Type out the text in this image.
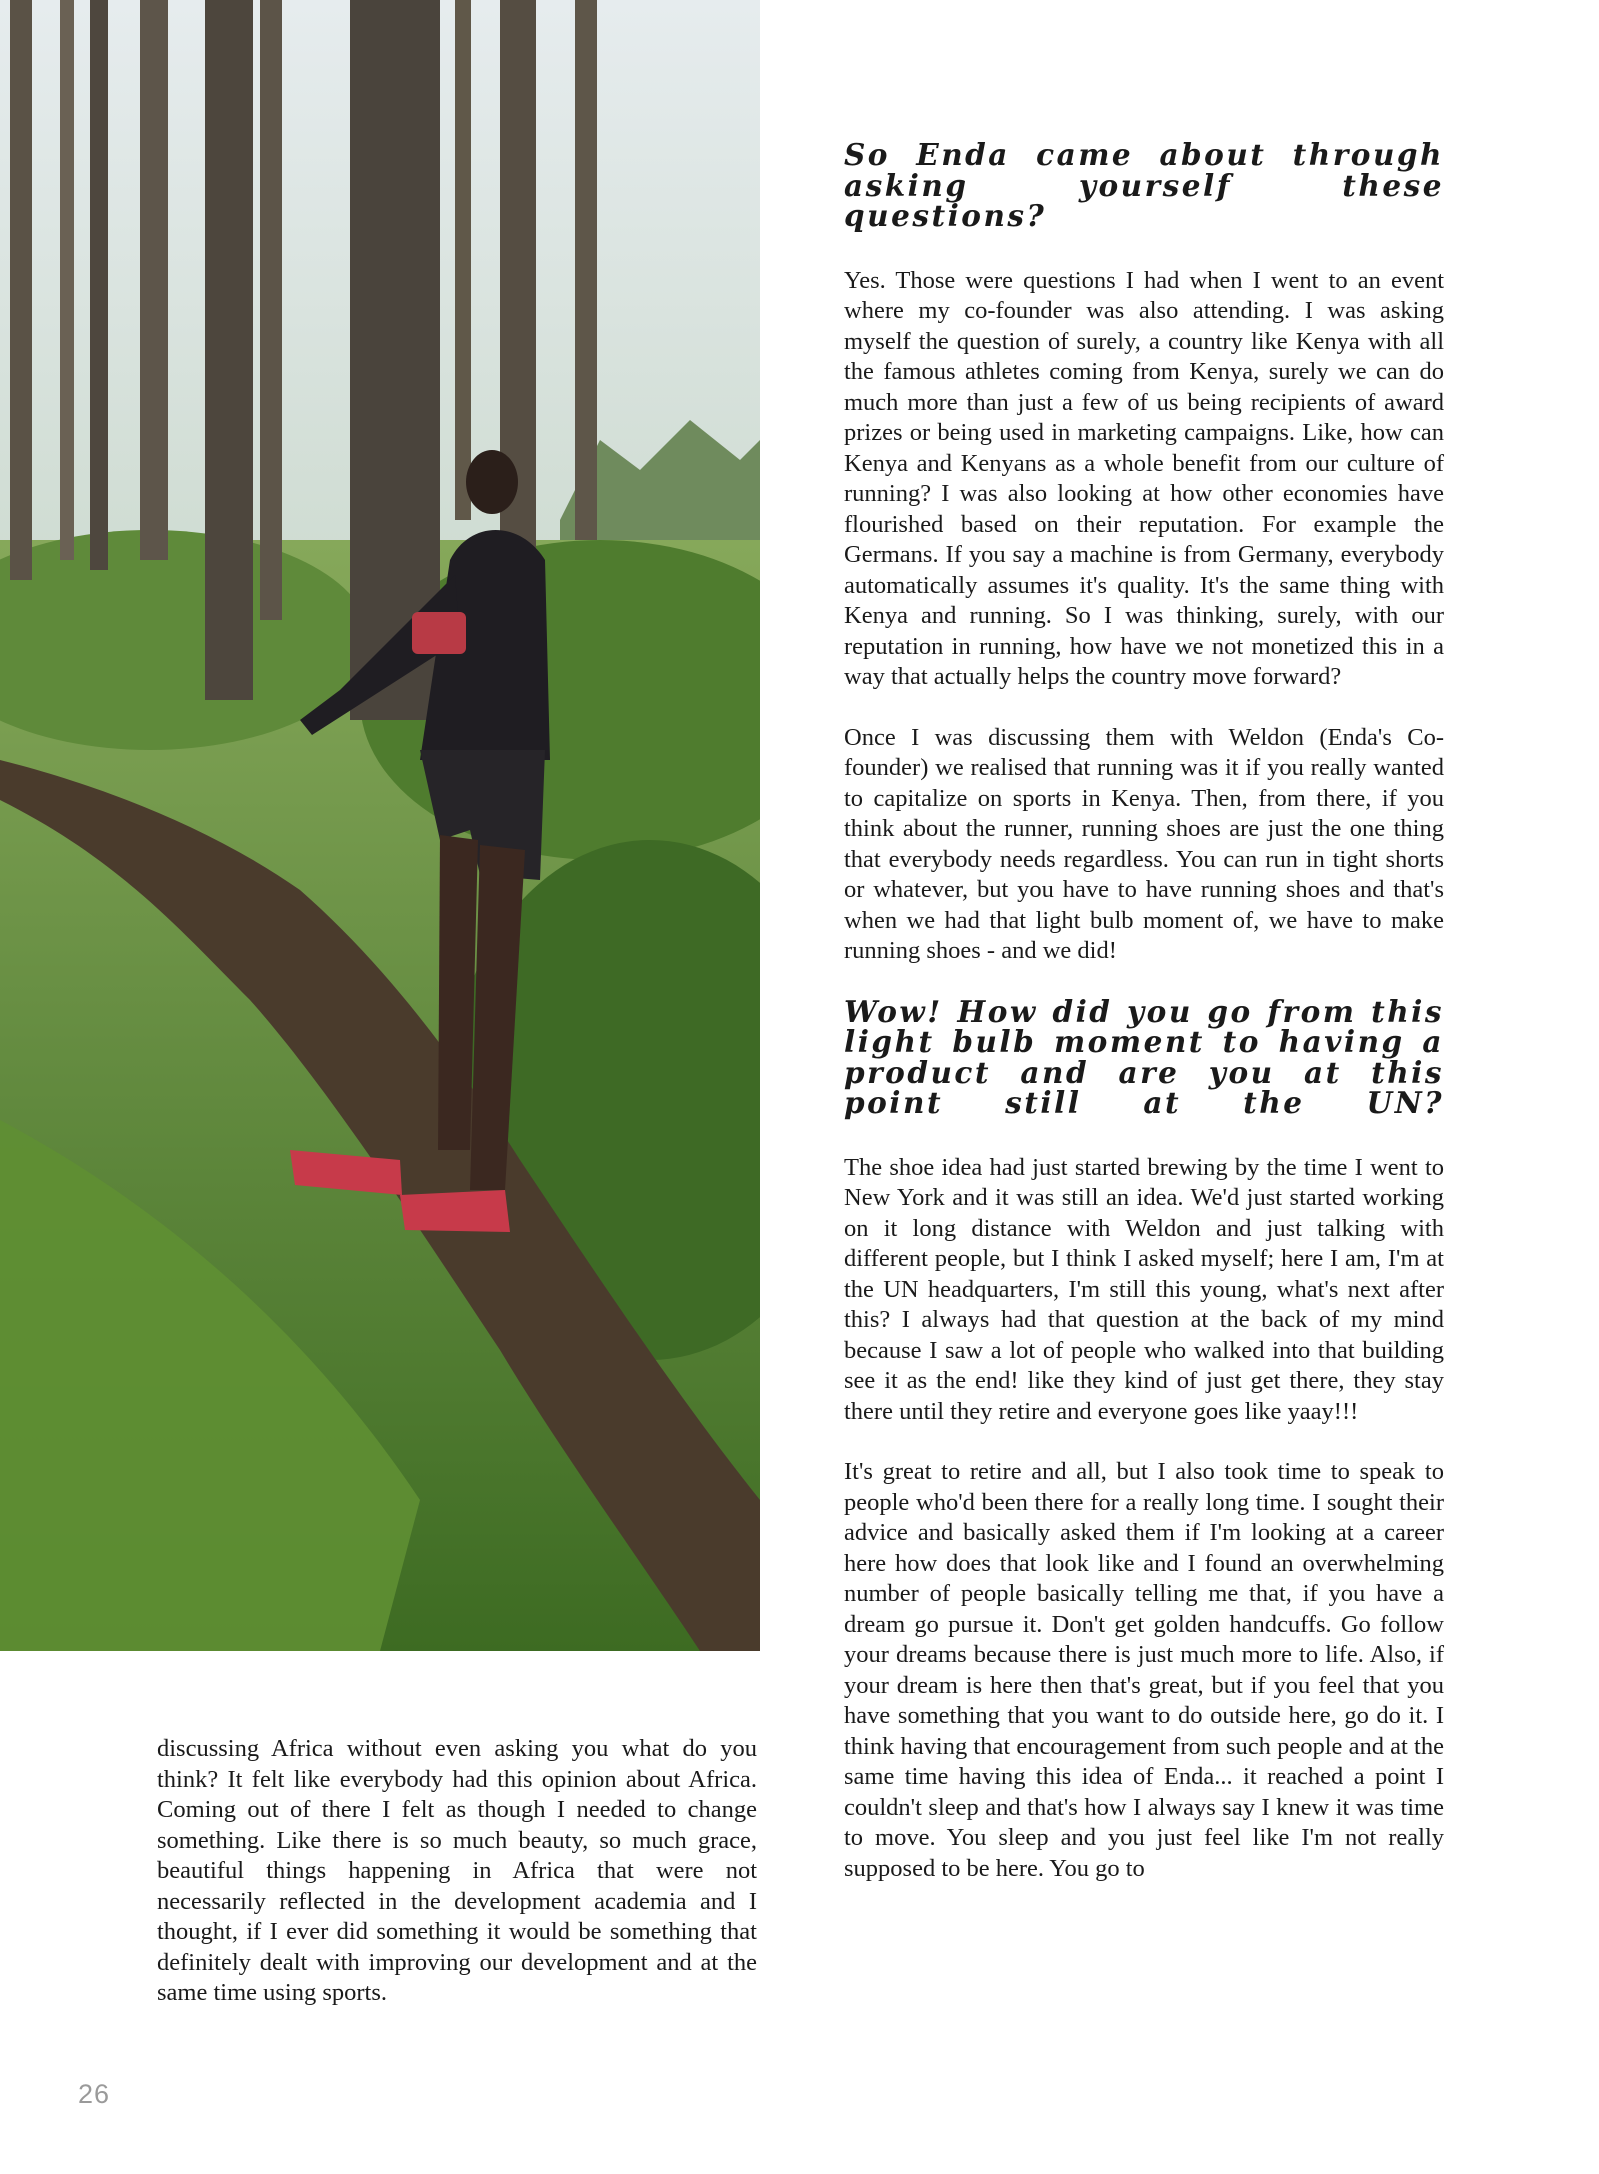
discussing Africa without even asking you what do you think? It felt like everybody had this opinion about Africa. Coming out of there I felt as though I needed to change something. Like there is so much beauty, so much grace, beautiful things happening in Africa that were not necessarily reflected in the development academia and I thought, if I ever did something it would be something that definitely dealt with improving our development and at the same time using sports.

So Enda came about through asking yourself these questions?

Yes. Those were questions I had when I went to an event where my co-founder was also attending. I was asking myself the question of surely, a country like Kenya with all the famous athletes coming from Kenya, surely we can do much more than just a few of us being recipients of award prizes or being used in marketing campaigns. Like, how can Kenya and Kenyans as a whole benefit from our culture of running? I was also looking at how other economies have flourished based on their reputation. For example the Germans. If you say a machine is from Germany, everybody automatically assumes it's quality. It's the same thing with Kenya and running. So I was thinking, surely, with our reputation in running, how have we not monetized this in a way that actually helps the country move forward?

Once I was discussing them with Weldon (Enda's Co-founder) we realised that running was it if you really wanted to capitalize on sports in Kenya. Then, from there, if you think about the runner, running shoes are just the one thing that everybody needs regardless. You can run in tight shorts or whatever, but you have to have running shoes and that's when we had that light bulb moment of, we have to make running shoes - and we did!

Wow! How did you go from this light bulb moment to having a product and are you at this point still at the UN?

The shoe idea had just started brewing by the time I went to New York and it was still an idea. We'd just started working on it long distance with Weldon and just talking with different people, but I think I asked myself; here I am, I'm at the UN headquarters, I'm still this young, what's next after this? I always had that question at the back of my mind because I saw a lot of people who walked into that building see it as the end! like they kind of just get there, they stay there until they retire and everyone goes like yaay!!!

It's great to retire and all, but I also took time to speak to people who'd been there for a really long time. I sought their advice and basically asked them if I'm looking at a career here how does that look like and I found an overwhelming number of people basically telling me that, if you have a dream go pursue it. Don't get golden handcuffs. Go follow your dreams because there is just much more to life. Also, if your dream is here then that's great, but if you feel that you have something that you want to do outside here, go do it. I think having that encouragement from such people and at the same time having this idea of Enda... it reached a point I couldn't sleep and that's how I always say I knew it was time to move. You sleep and you just feel like I'm not really supposed to be here. You go to

26
